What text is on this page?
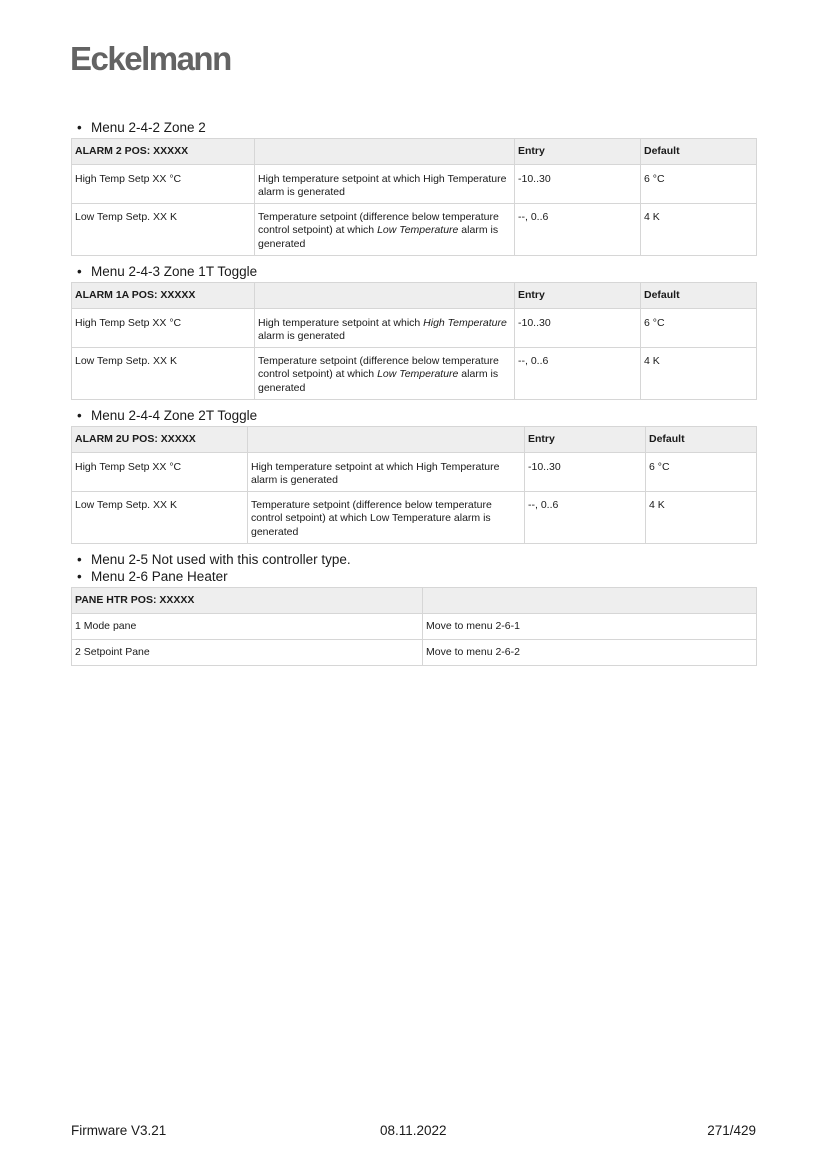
Eckelmann
• Menu 2-4-2 Zone 2
ALARM 2 POS: XXXXX		Entry	Default
High Temp Setp XX °C	High temperature setpoint at which High Temperature alarm is generated	-10..30	6 °C
Low Temp Setp. XX K	Temperature setpoint (difference below temperature control setpoint) at which Low Temperature alarm is generated	--, 0..6	4 K
• Menu 2-4-3 Zone 1T Toggle
ALARM 1A POS: XXXXX		Entry	Default
High Temp Setp XX °C	High temperature setpoint at which High Temperature alarm is generated	-10..30	6 °C
Low Temp Setp. XX K	Temperature setpoint (difference below temperature control setpoint) at which Low Temperature alarm is generated	--, 0..6	4 K
• Menu 2-4-4 Zone 2T Toggle
ALARM 2U POS: XXXXX		Entry	Default
High Temp Setp XX °C	High temperature setpoint at which High Temperature alarm is generated	-10..30	6 °C
Low Temp Setp. XX K	Temperature setpoint (difference below temperature control setpoint) at which Low Temperature alarm is generated	--, 0..6	4 K
• Menu 2-5 Not used with this controller type.
• Menu 2-6 Pane Heater
PANE HTR POS: XXXXX	
1 Mode pane	Move to menu 2-6-1
2 Setpoint Pane	Move to menu 2-6-2
Firmware V3.21	08.11.2022	271/429
